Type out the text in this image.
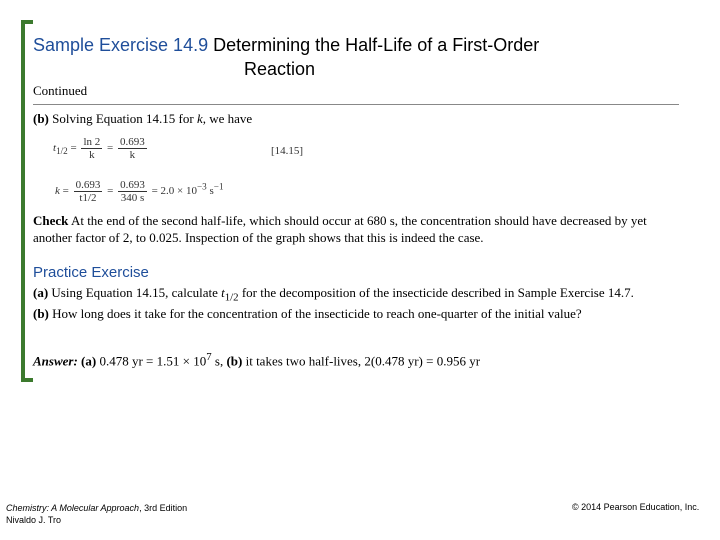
Sample Exercise 14.9 Determining the Half-Life of a First-Order
Reaction
Continued
(b) Solving Equation 14.15 for k, we have
$t_{1/2} = \frac{\ln 2}{k} = \frac{0.693}{k}$	[14.15]
$k = \frac{0.693}{t1/2} = \frac{0.693}{340 s} = 2.0 \times 10^{-3}$ $s^{-1}$
Check At the end of the second half-life, which should occur at 680 s, the concentration should have decreased by yet another factor of 2, to 0.025. Inspection of the graph shows that this is indeed the case.
Practice Exercise
(a) Using Equation 14.15, calculate $t_{1/2}$ for the decomposition of the insecticide described in Sample Exercise 14.7. (b) How long does it take for the concentration of the insecticide to reach one-quarter of the initial value?
Answer: (a) 0.478 yr = $1.51 \times 10^7$ s, (b) it takes two half-lives, 2(0.478 yr) = 0.956 yr
Chemistry: A Molecular Approach, 3rd Edition
Nivaldo J. Tro
© 2014 Pearson Education, Inc.
